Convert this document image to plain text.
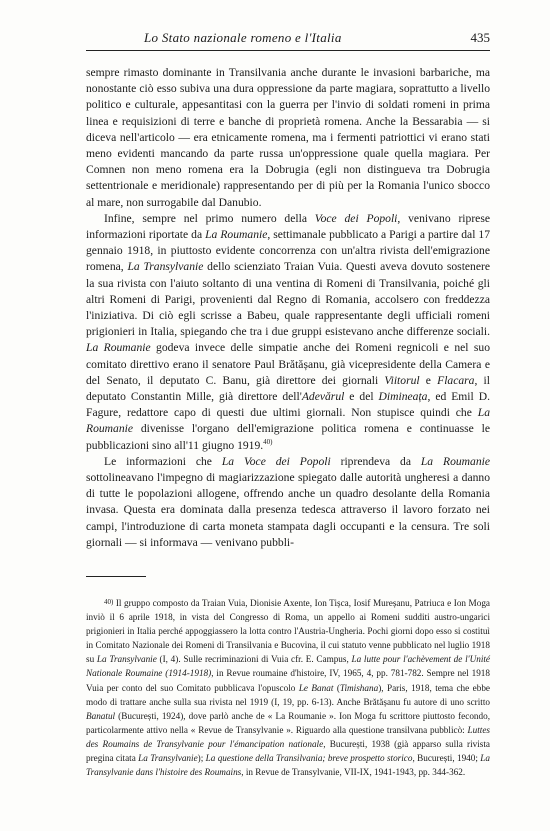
Lo Stato nazionale romeno e l'Italia	435

sempre rimasto dominante in Transilvania anche durante le invasioni barbariche, ma nonostante ciò esso subiva una dura oppressione da parte magiara, soprattutto a livello politico e culturale, appesantitasi con la guerra per l'invio di soldati romeni in prima linea e requisizioni di terre e banche di proprietà romena. Anche la Bessarabia — si diceva nell'articolo — era etnicamente romena, ma i fermenti patriottici vi erano stati meno evidenti mancando da parte russa un'oppressione quale quella magiara. Per Comnen non meno romena era la Dobrugia (egli non distingueva tra Dobrugia settentrionale e meridionale) rappresentando per di più per la Romania l'unico sbocco al mare, non surrogabile dal Danubio.

Infine, sempre nel primo numero della Voce dei Popoli, venivano riprese informazioni riportate da La Roumanie, settimanale pubblicato a Parigi a partire dal 17 gennaio 1918, in piuttosto evidente concorrenza con un'altra rivista dell'emigrazione romena, La Transylvanie dello scienziato Traian Vuia. Questi aveva dovuto sostenere la sua rivista con l'aiuto soltanto di una ventina di Romeni di Transilvania, poiché gli altri Romeni di Parigi, provenienti dal Regno di Romania, accolsero con freddezza l'iniziativa. Di ciò egli scrisse a Babeu, quale rappresentante degli ufficiali romeni prigionieri in Italia, spiegando che tra i due gruppi esistevano anche differenze sociali. La Roumanie godeva invece delle simpatie anche dei Romeni regnicoli e nel suo comitato direttivo erano il senatore Paul Brătășanu, già vicepresidente della Camera e del Senato, il deputato C. Banu, già direttore dei giornali Viitorul e Flacara, il deputato Constantin Mille, già direttore dell'Adevărul e del Dimineața, ed Emil D. Fagure, redattore capo di questi due ultimi giornali. Non stupisce quindi che La Roumanie divenisse l'organo dell'emigrazione politica romena e continuasse le pubblicazioni sino all'11 giugno 1919.$^{40)}$

Le informazioni che La Voce dei Popoli riprendeva da La Roumanie sottolineavano l'impegno di magiarizzazione spiegato dalle autorità ungheresi a danno di tutte le popolazioni allogene, offrendo anche un quadro desolante della Romania invasa. Questa era dominata dalla presenza tedesca attraverso il lavoro forzato nei campi, l'introduzione di carta moneta stampata dagli occupanti e la censura. Tre soli giornali — si informava — venivano pubbli-

$^{40)}$ Il gruppo composto da Traian Vuia, Dionisie Axente, Ion Tișca, Iosif Mureșanu, Patriuca e Ion Moga inviò il 6 aprile 1918, in vista del Congresso di Roma, un appello ai Romeni sudditi austro-ungarici prigionieri in Italia perché appoggiassero la lotta contro l'Austria-Ungheria. Pochi giorni dopo esso si costituì in Comitato Nazionale dei Romeni di Transilvania e Bucovina, il cui statuto venne pubblicato nel luglio 1918 su La Transylvanie (I, 4). Sulle recriminazioni di Vuia cfr. E. Campus, La lutte pour l'achèvement de l'Unité Nationale Roumaine (1914-1918), in Revue roumaine d'histoire, IV, 1965, 4, pp. 781-782. Sempre nel 1918 Vuia per conto del suo Comitato pubblicava l'opuscolo Le Banat (Timishana), Paris, 1918, tema che ebbe modo di trattare anche sulla sua rivista nel 1919 (I, 19, pp. 6-13). Anche Brătășanu fu autore di uno scritto Banatul (București, 1924), dove parlò anche de « La Roumanie ». Ion Moga fu scrittore piuttosto fecondo, particolarmente attivo nella « Revue de Transylvanie ». Riguardo alla questione transilvana pubblicò: Luttes des Roumains de Transylvanie pour l'émancipation nationale, București, 1938 (già apparso sulla rivista pregina citata La Transylvanie); La questione della Transilvania; breve prospetto storico, București, 1940; La Transylvanie dans l'histoire des Roumains, in Revue de Transylvanie, VII-IX, 1941-1943, pp. 344-362.
